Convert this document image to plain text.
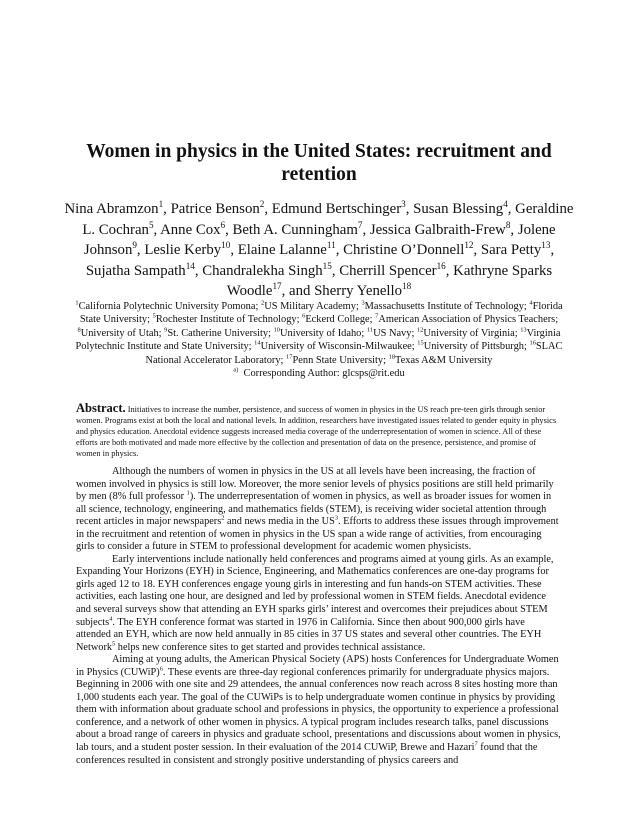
Women in physics in the United States: recruitment and retention
Nina Abramzon$^1$, Patrice Benson$^2$, Edmund Bertschinger$^3$, Susan Blessing$^4$, Geraldine L. Cochran$^5$, Anne Cox$^6$, Beth A. Cunningham$^7$, Jessica Galbraith-Frew$^8$, Jolene Johnson$^9$, Leslie Kerby$^{10}$, Elaine Lalanne$^{11}$, Christine O’Donnell$^{12}$, Sara Petty$^{13}$, Sujatha Sampath$^{14}$, Chandralekha Singh$^{15}$, Cherrill Spencer$^{16}$, Kathryne Sparks Woodle$^{17}$, and Sherry Yenello$^{18}$
$^1$California Polytechnic University Pomona; $^2$US Military Academy; $^3$Massachusetts Institute of Technology; $^4$Florida State University; $^5$Rochester Institute of Technology; $^6$Eckerd College; $^7$American Association of Physics Teachers; $^8$University of Utah; $^9$St. Catherine University; $^{10}$University of Idaho; $^{11}$US Navy; $^{12}$University of Virginia; $^{13}$Virginia Polytechnic Institute and State University; $^{14}$University of Wisconsin-Milwaukee; $^{15}$University of Pittsburgh; $^{16}$SLAC National Accelerator Laboratory; $^{17}$Penn State University; $^{18}$Texas A&M University
$^{a)}$  Corresponding Author: glcsps@rit.edu
Abstract. Initiatives to increase the number, persistence, and success of women in physics in the US reach pre-teen girls through senior women. Programs exist at both the local and national levels. In addition, researchers have investigated issues related to gender equity in physics and physics education. Anecdotal evidence suggests increased media coverage of the underrepresentation of women in science. All of these efforts are both motivated and made more effective by the collection and presentation of data on the presence, persistence, and promise of women in physics.

Although the numbers of women in physics in the US at all levels have been increasing, the fraction of women involved in physics is still low. Moreover, the more senior levels of physics positions are still held primarily by men (8% full professor $^1$). The underrepresentation of women in physics, as well as broader issues for women in all science, technology, engineering, and mathematics fields (STEM), is receiving wider societal attention through recent articles in major newspapers$^2$ and news media in the $US^3$. Efforts to address these issues through improvement in the recruitment and retention of women in physics in the US span a wide range of activities, from encouraging girls to consider a future in STEM to professional development for academic women physicists.

Early interventions include nationally held conferences and programs aimed at young girls. As an example, Expanding Your Horizons (EYH) in Science, Engineering, and Mathematics conferences are one-day programs for girls aged 12 to 18. EYH conferences engage young girls in interesting and fun hands-on STEM activities. These activities, each lasting one hour, are designed and led by professional women in STEM fields. Anecdotal evidence and several surveys show that attending an EYH sparks girls’ interest and overcomes their prejudices about STEM subjects$^4$. The EYH conference format was started in 1976 in California. Since then about 900,000 girls have attended an EYH, which are now held annually in 85 cities in 37 US states and several other countries. The EYH Network$^5$ helps new conference sites to get started and provides technical assistance.

Aiming at young adults, the American Physical Society (APS) hosts Conferences for Undergraduate Women in Physics (CUWiP)$^6$. These events are three-day regional conferences primarily for undergraduate physics majors. Beginning in 2006 with one site and 29 attendees, the annual conferences now reach across 8 sites hosting more than 1,000 students each year. The goal of the CUWiPs is to help undergraduate women continue in physics by providing them with information about graduate school and professions in physics, the opportunity to experience a professional conference, and a network of other women in physics. A typical program includes research talks, panel discussions about a broad range of careers in physics and graduate school, presentations and discussions about women in physics, lab tours, and a student poster session. In their evaluation of the 2014 CUWiP, Brewe and Hazari$^7$ found that the conferences resulted in consistent and strongly positive understanding of physics careers and
